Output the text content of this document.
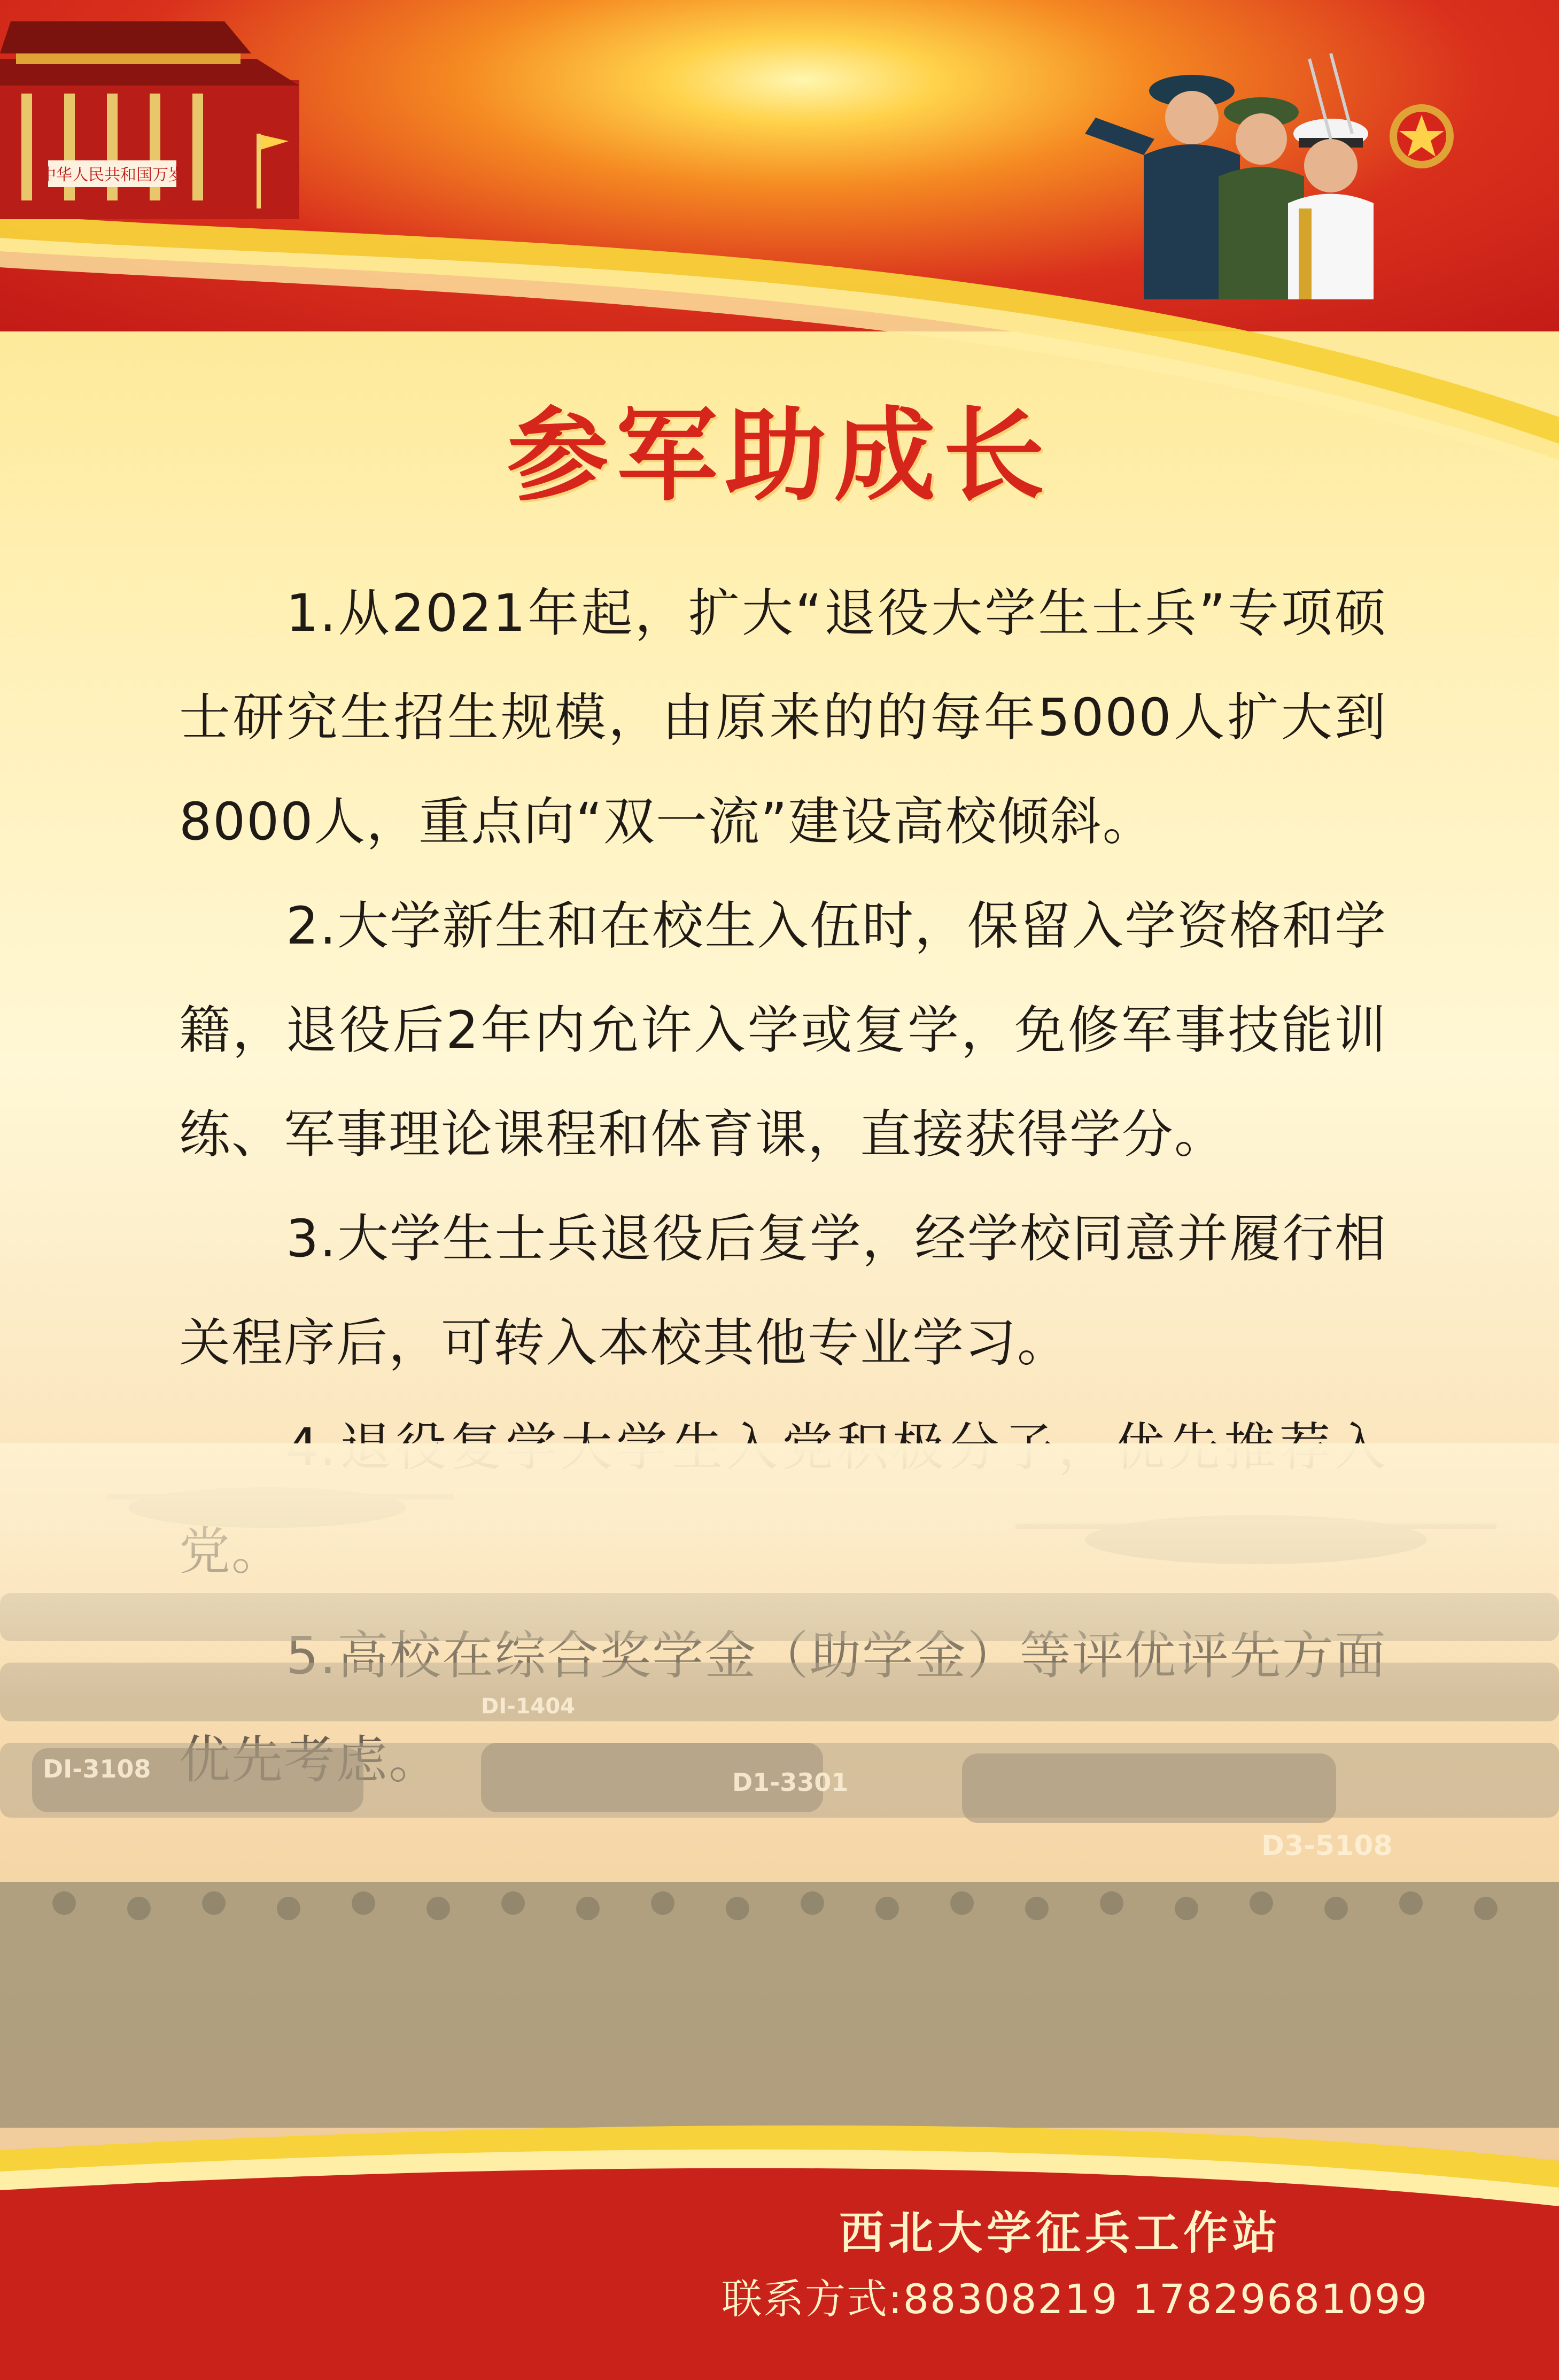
中华人民共和国万岁
参军助成长

1.从2021年起，扩大“退役大学生士兵”专项硕士研究生招生规模，由原来的的每年5000人扩大到8000人，重点向“双一流”建设高校倾斜。

2.大学新生和在校生入伍时，保留入学资格和学籍，退役后2年内允许入学或复学，免修军事技能训练、军事理论课程和体育课，直接获得学分。

3.大学生士兵退役后复学，经学校同意并履行相关程序后，可转入本校其他专业学习。

西北大学征兵工作站
联系方式:88308219 17829681099
